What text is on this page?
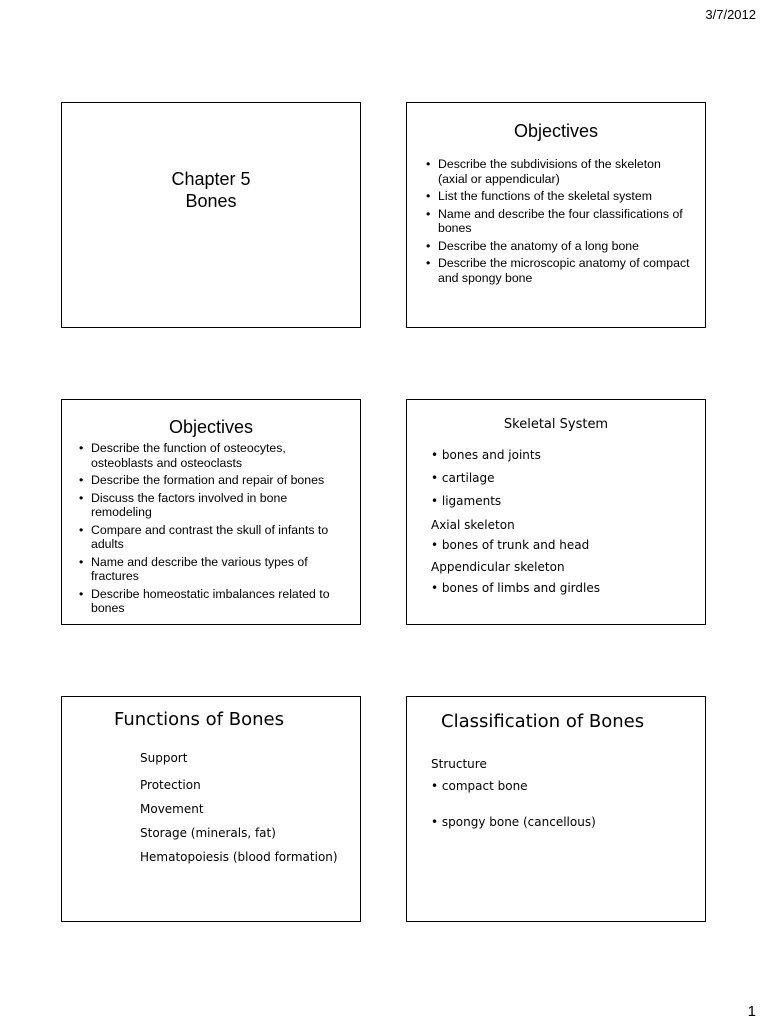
3/7/2012
Chapter 5
Bones
Objectives
• Describe the subdivisions of the skeleton (axial or appendicular)
• List the functions of the skeletal system
• Name and describe the four classifications of bones
• Describe the anatomy of a long bone
• Describe the microscopic anatomy of compact and spongy bone
Objectives
• Describe the function of osteocytes, osteoblasts and osteoclasts
• Describe the formation and repair of bones
• Discuss the factors involved in bone remodeling
• Compare and contrast the skull of infants to adults
• Name and describe the various types of fractures
• Describe homeostatic imbalances related to bones
Skeletal System
• bones and joints
• cartilage
• ligaments
Axial skeleton
• bones of trunk and head
Appendicular skeleton
• bones of limbs and girdles
Functions of Bones
Support
Protection
Movement
Storage (minerals, fat)
Hematopoiesis (blood formation)
Classification of Bones
Structure
• compact bone
• spongy bone (cancellous)
1
